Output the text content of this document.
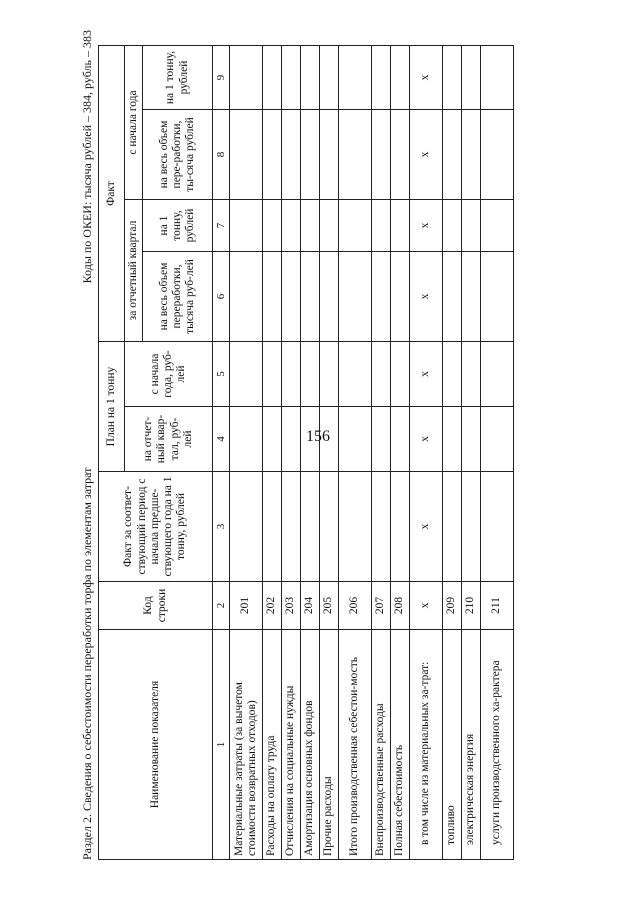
156
Раздел 2. Сведения о себестоимости переработки торфа по элементам затрат
Коды по ОКЕИ: тысяча рублей – 384, рубль – 383
Наименование показателя	Код строки	Факт за соответ-ствующий период с начала предше-ствующего года на 1 тонну, рублей	План на 1 тонну		Факт			
			на отчет-ный квар-тал, руб-лей	с начала года, руб-лей	за отчетный квартал		с начала года	
					на весь объем переработки, тысяча руб-лей	на 1 тонну, рублей	на весь объем пере-работки, ты-сяча рублей	на 1 тонну, рублей
1	2	3	4	5	6	7	8	9
Материальные затраты (за вычетом стоимости возвратных отходов)	201							
Расходы на оплату труда	202							
Отчисления на социальные нужды	203							
Амортизация основных фондов	204							
Прочие расходы	205							
Итого производственная себестои-мость	206							
Внепроизводственные расходы	207							
Полная себестоимость	208							
в том числе из материальных за-трат:	x	x	x	x	x	x	x	x
топливо	209							
электрическая энергия	210							
услуги производственного ха-рактера	211							
